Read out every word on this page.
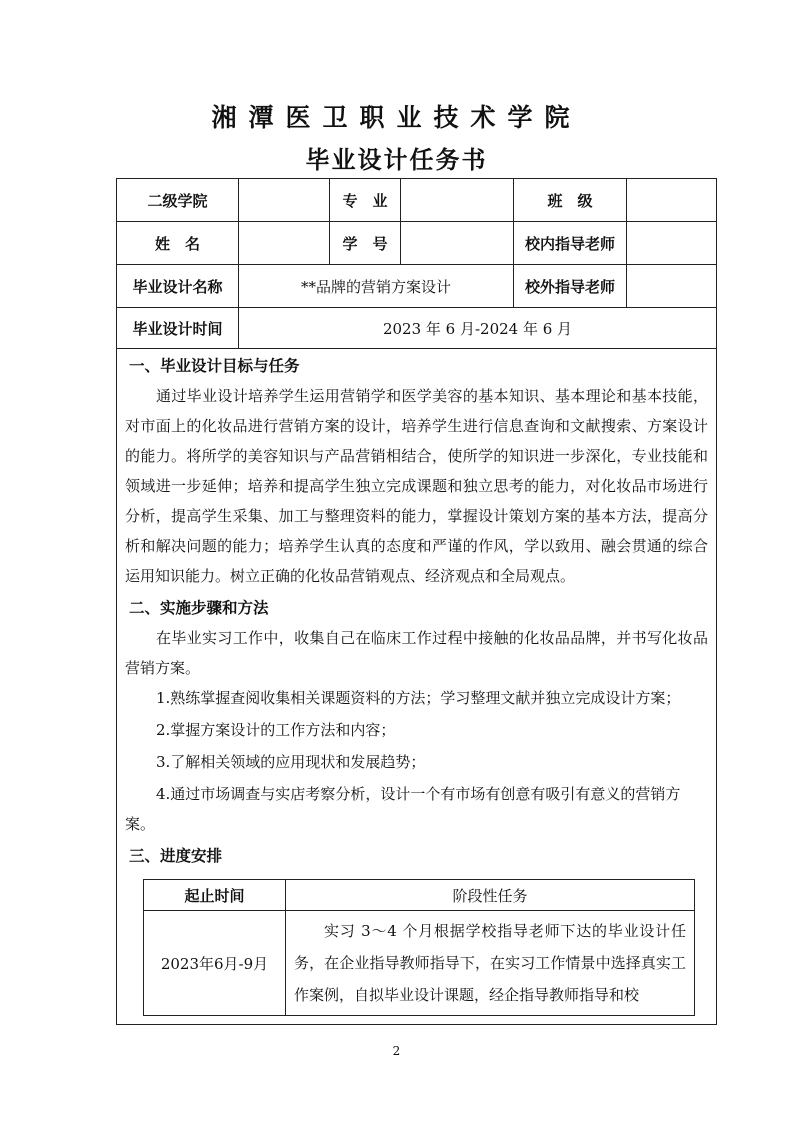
湘潭医卫职业技术学院
毕业设计任务书
二级学院		专　业		班　级	
姓　名		学　号		校内指导老师	
毕业设计名称	**品牌的营销方案设计	校外指导老师	
毕业设计时间	2023 年 6 月-2024 年 6 月

一、毕业设计目标与任务

通过毕业设计培养学生运用营销学和医学美容的基本知识、基本理论和基本技能，对市面上的化妆品进行营销方案的设计，培养学生进行信息查询和文献搜索、方案设计的能力。将所学的美容知识与产品营销相结合，使所学的知识进一步深化，专业技能和领域进一步延伸；培养和提高学生独立完成课题和独立思考的能力，对化妆品市场进行分析，提高学生采集、加工与整理资料的能力，掌握设计策划方案的基本方法，提高分析和解决问题的能力；培养学生认真的态度和严谨的作风，学以致用、融会贯通的综合运用知识能力。树立正确的化妆品营销观点、经济观点和全局观点。

二、实施步骤和方法

在毕业实习工作中，收集自己在临床工作过程中接触的化妆品品牌，并书写化妆品营销方案。

1.熟练掌握查阅收集相关课题资料的方法；学习整理文献并独立完成设计方案；

2.掌握方案设计的工作方法和内容；

3.了解相关领域的应用现状和发展趋势；

4.通过市场调查与实店考察分析，设计一个有市场有创意有吸引有意义的营销方案。

三、进度安排
起止时间	阶段性任务
2023年6月-9月	实习 3～4 个月根据学校指导老师下达的毕业设计任务，在企业指导教师指导下，在实习工作情景中选择真实工作案例，自拟毕业设计课题，经企指导教师指导和校
2
